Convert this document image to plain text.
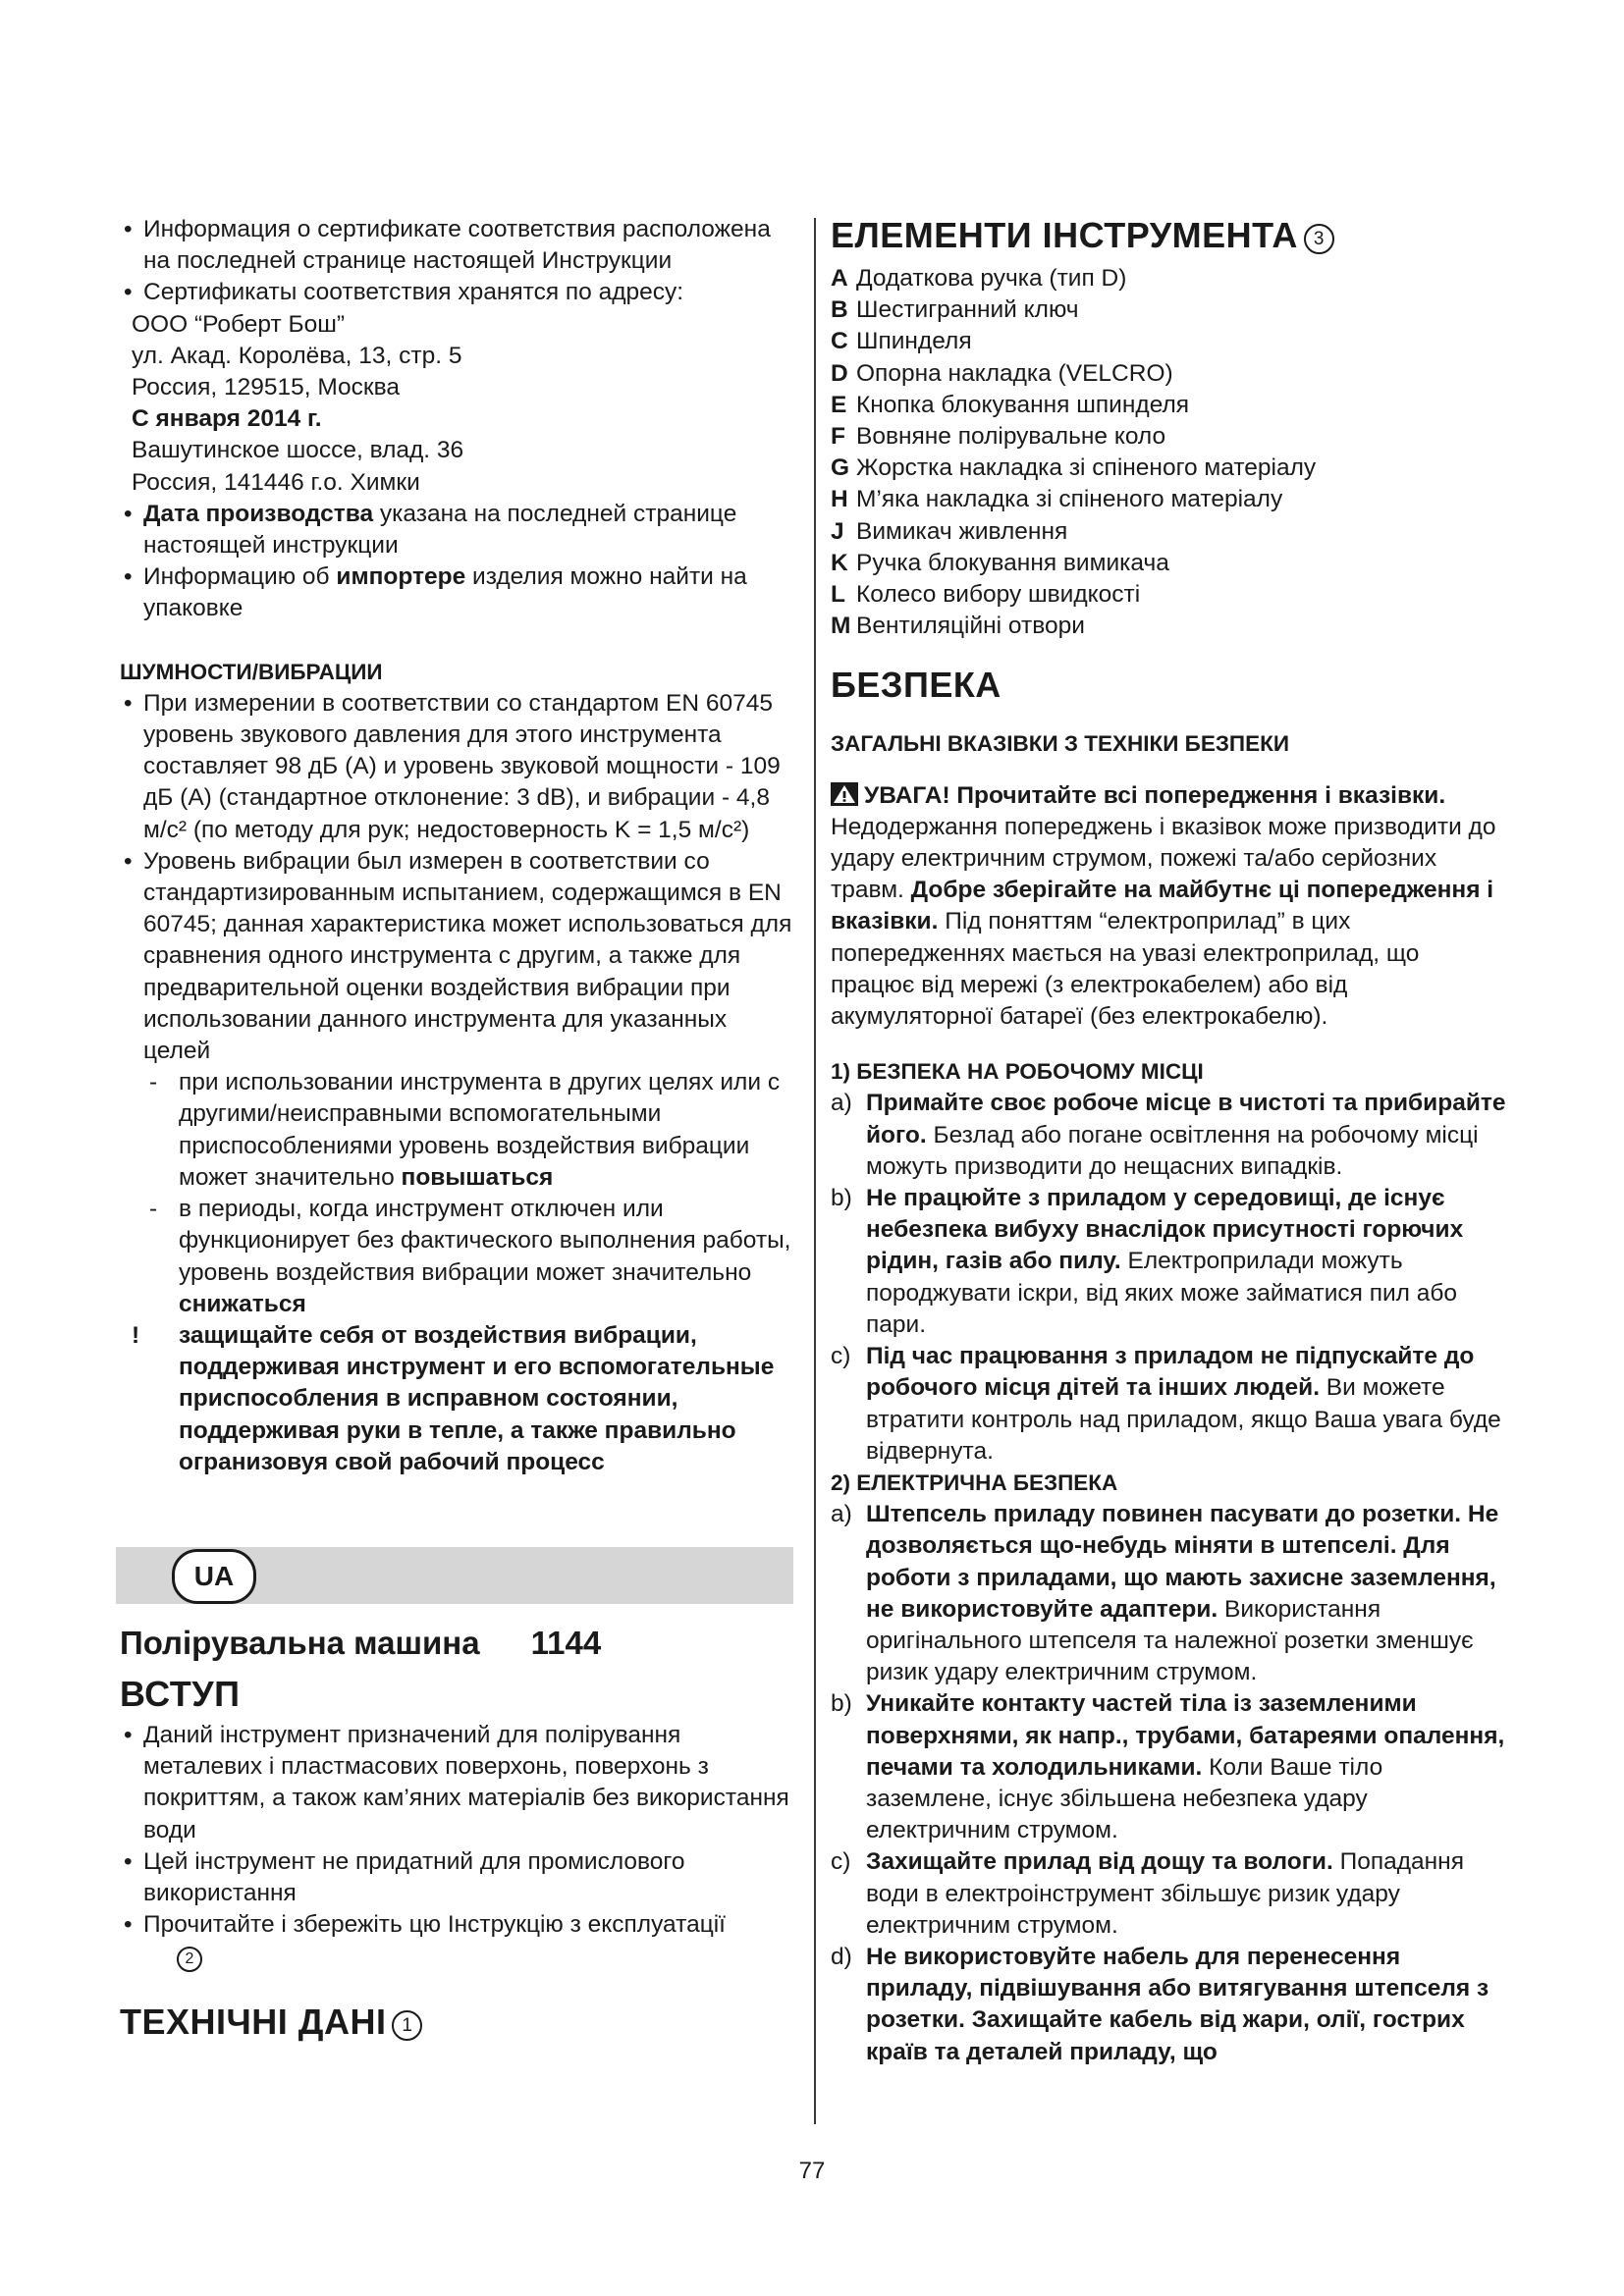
• Информация о сертификате соответствия расположена на последней странице настоящей Инструкции
• Сертификаты соответствия хранятся по адресу:
ООО “Роберт Бош”
ул. Акад. Королёва, 13, стр. 5
Россия, 129515, Москва
С января 2014 г.
Вашутинское шоссе, влад. 36
Россия, 141446 г.о. Химки
• Дата производства указана на последней странице настоящей инструкции
• Информацию об импортере изделия можно найти на упаковке
ШУМНОСТИ/ВИБРАЦИИ
• При измерении в соответствии со стандартом EN 60745 уровень звукового давления для этого инструмента составляет 98 дБ (А) и уровень звуковой мощности - 109 дБ (А) (стандартное отклонение: 3 dB), и вибрации - 4,8 м/с² (по методу для рук; недостоверность K = 1,5 м/с²)
• Уровень вибрации был измерен в соответствии со стандартизированным испытанием, содержащимся в EN 60745; данная характеристика может использоваться для сравнения одного инструмента с другим, а также для предварительной оценки воздействия вибрации при использовании данного инструмента для указанных целей
- при использовании инструмента в других целях или с другими/неисправными вспомогательными приспособлениями уровень воздействия вибрации может значительно повышаться
- в периоды, когда инструмент отключен или функционирует без фактического выполнения работы, уровень воздействия вибрации может значительно снижаться
! защищайте себя от воздействия вибрации, поддерживая инструмент и его вспомогательные приспособления в исправном состоянии, поддерживая руки в тепле, а также правильно огранизовуя свой рабочий процесс
UA
Полірувальна машина 1144
ВСТУП
• Даний інструмент призначений для полірування металевих і пластмасових поверхонь, поверхонь з покриттям, а також кам’яних матеріалів без використання води
• Цей інструмент не придатний для промислового використання
• Прочитайте і збережіть цю Інструкцію з експлуатації
2
ТЕХНІЧНІ ДАНІ 1
ЕЛЕМЕНТИ ІНСТРУМЕНТА 3
A Додаткова ручка (тип D)
B Шестигранний ключ
C Шпинделя
D Опорна накладка (VELCRO)
E Кнопка блокування шпинделя
F Вовняне полірувальне коло
G Жорстка накладка зі спіненого матеріалу
H М’яка накладка зі спіненого матеріалу
J Вимикач живлення
K Ручка блокування вимикача
L Колесо вибору швидкості
M Вентиляційні отвори
БЕЗПЕКА
ЗАГАЛЬНІ ВКАЗІВКИ З ТЕХНІКИ БЕЗПЕКИ
УВАГА! Прочитайте всі попередження і вказівки. Недодержання попереджень і вказівок може призводити до удару електричним струмом, пожежі та/або серйозних травм. Добре зберігайте на майбутнє ці попередження і вказівки. Під поняттям “електроприлад” в цих попередженнях мається на увазі електроприлад, що працює від мережі (з електрокабелем) або від акумуляторної батареї (без електрокабелю).
1) БЕЗПЕКА НА РОБОЧОМУ МІСЦІ
a) Примайте своє робоче місце в чистоті та прибирайте його. Безлад або погане освітлення на робочому місці можуть призводити до нещасних випадків.
b) Не працюйте з приладом у середовищі, де існує небезпека вибуху внаслідок присутності горючих рідин, газів або пилу. Електроприлади можуть породжувати іскри, від яких може займатися пил або пари.
c) Під час працювання з приладом не підпускайте до робочого місця дітей та інших людей. Ви можете втратити контроль над приладом, якщо Ваша увага буде відвернута.
2) ЕЛЕКТРИЧНА БЕЗПЕКА
a) Штепсель приладу повинен пасувати до розетки. Не дозволяється що-небудь міняти в штепселі. Для роботи з приладами, що мають захисне заземлення, не використовуйте адаптери. Використання оригінального штепселя та належної розетки зменшує ризик удару електричним струмом.
b) Уникайте контакту частей тіла із заземленими поверхнями, як напр., трубами, батареями опалення, печами та холодильниками. Коли Ваше тіло заземлене, існує збільшена небезпека удару електричним струмом.
c) Захищайте прилад від дощу та вологи. Попадання води в електроінструмент збільшує ризик удару електричним струмом.
d) Не використовуйте набель для перенесення приладу, підвішування або витягування штепселя з розетки. Захищайте кабель від жари, олії, гострих країв та деталей приладу, що
77
